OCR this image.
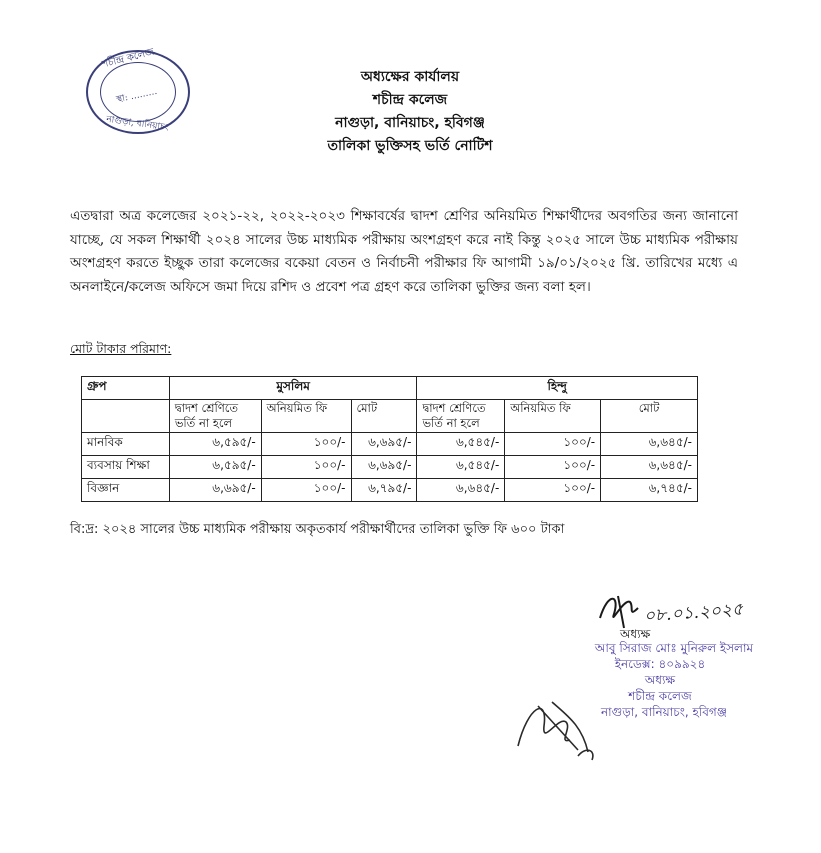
শচীন্দ্র কলেজ
স্থা: ………
নাগুড়া, বানিয়াচং
অধ্যক্ষের কার্যালয়
শচীন্দ্র কলেজ
নাগুড়া, বানিয়াচং, হবিগঞ্জ
তালিকা ভুক্তিসহ ভর্তি নোটিশ
এতদ্বারা অত্র কলেজের ২০২১-২২, ২০২২-২০২৩ শিক্ষাবর্ষের দ্বাদশ শ্রেণির অনিয়মিত শিক্ষার্থীদের অবগতির জন্য জানানো যাচ্ছে, যে সকল শিক্ষার্থী ২০২৪ সালের উচ্চ মাধ্যমিক পরীক্ষায় অংশগ্রহণ করে নাই কিন্তু ২০২৫ সালে উচ্চ মাধ্যমিক পরীক্ষায় অংশগ্রহণ করতে ইচ্ছুক তারা কলেজের বকেয়া বেতন ও নির্বাচনী পরীক্ষার ফি আগামী ১৯/০১/২০২৫ খ্রি. তারিখের মধ্যে এ অনলাইনে/কলেজ অফিসে জমা দিয়ে রশিদ ও প্রবেশ পত্র গ্রহণ করে তালিকা ভুক্তির জন্য বলা হল।
মোট টাকার পরিমাণ:
গ্রুপ	মুসলিম			হিন্দু		
	দ্বাদশ শ্রেণিতে ভর্তি না হলে	অনিয়মিত ফি	মোট	দ্বাদশ শ্রেণিতে ভর্তি না হলে	অনিয়মিত ফি	মোট
মানবিক	৬,৫৯৫/-	১০০/-	৬,৬৯৫/-	৬,৫৪৫/-	১০০/-	৬,৬৪৫/-
ব্যবসায় শিক্ষা	৬,৫৯৫/-	১০০/-	৬,৬৯৫/-	৬,৫৪৫/-	১০০/-	৬,৬৪৫/-
বিজ্ঞান	৬,৬৯৫/-	১০০/-	৬,৭৯৫/-	৬,৬৪৫/-	১০০/-	৬,৭৪৫/-
বি:দ্র: ২০২৪ সালের উচ্চ মাধ্যমিক পরীক্ষায় অকৃতকার্য পরীক্ষার্থীদের তালিকা ভুক্তি ফি ৬০০ টাকা
০৮.০১.২০২৫
অধ্যক্ষ
আবু সিরাজ মোঃ মুনিরুল ইসলাম
ইনডেক্স: ৪০৯৯২৪
অধ্যক্ষ
শচীন্দ্র কলেজ
নাগুড়া, বানিয়াচং, হবিগঞ্জ
